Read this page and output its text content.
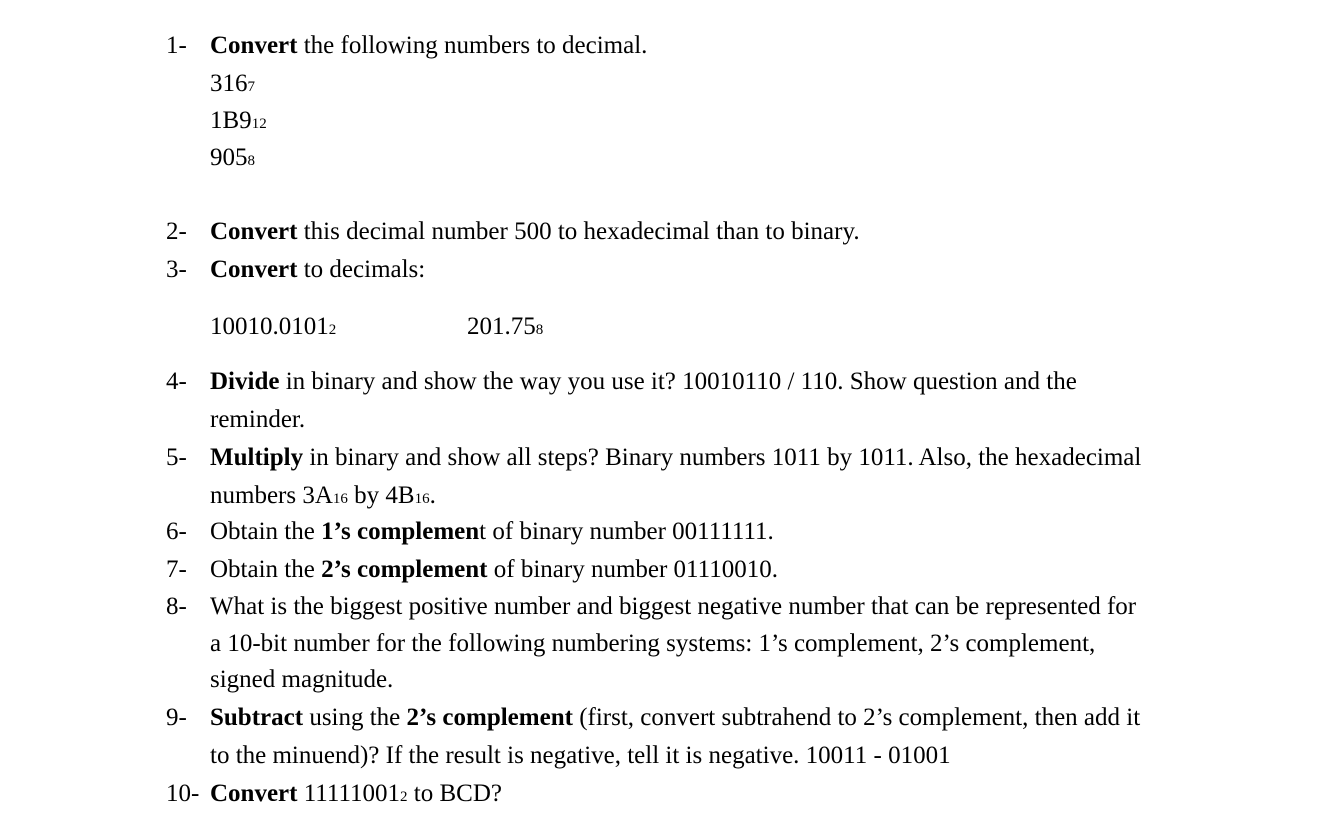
1- Convert the following numbers to decimal.
3167
1B912
9058
2- Convert this decimal number 500 to hexadecimal than to binary.
3- Convert to decimals:
10010.01012	201.758
4- Divide in binary and show the way you use it? 10010110 / 110. Show question and the
reminder.
5- Multiply in binary and show all steps? Binary numbers 1011 by 1011. Also, the hexadecimal
numbers 3A16 by 4B16.
6- Obtain the 1’s complement of binary number 00111111.
7- Obtain the 2’s complement of binary number 01110010.
8- What is the biggest positive number and biggest negative number that can be represented for
a 10-bit number for the following numbering systems: 1’s complement, 2’s complement,
signed magnitude.
9- Subtract using the 2’s complement (first, convert subtrahend to 2’s complement, then add it
to the minuend)? If the result is negative, tell it is negative. 10011 - 01001
10- Convert 111110012 to BCD?
